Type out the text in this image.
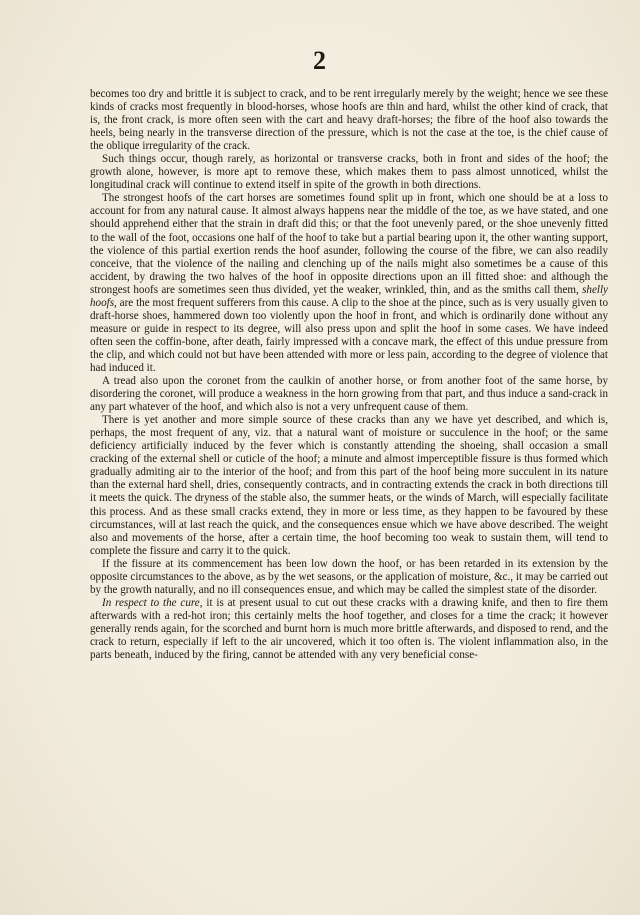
2

becomes too dry and brittle it is subject to crack, and to be rent irregularly merely by the weight; hence we see these kinds of cracks most frequently in blood-horses, whose hoofs are thin and hard, whilst the other kind of crack, that is, the front crack, is more often seen with the cart and heavy draft-horses; the fibre of the hoof also towards the heels, being nearly in the transverse direction of the pressure, which is not the case at the toe, is the chief cause of the oblique irregularity of the crack.

Such things occur, though rarely, as horizontal or transverse cracks, both in front and sides of the hoof; the growth alone, however, is more apt to remove these, which makes them to pass almost unnoticed, whilst the longitudinal crack will continue to extend itself in spite of the growth in both directions.

The strongest hoofs of the cart horses are sometimes found split up in front, which one should be at a loss to account for from any natural cause. It almost always happens near the middle of the toe, as we have stated, and one should apprehend either that the strain in draft did this; or that the foot unevenly pared, or the shoe unevenly fitted to the wall of the foot, occasions one half of the hoof to take but a partial bearing upon it, the other wanting support, the violence of this partial exertion rends the hoof asunder, following the course of the fibre, we can also readily conceive, that the violence of the nailing and clenching up of the nails might also sometimes be a cause of this accident, by drawing the two halves of the hoof in opposite directions upon an ill fitted shoe: and although the strongest hoofs are sometimes seen thus divided, yet the weaker, wrinkled, thin, and as the smiths call them, shelly hoofs, are the most frequent sufferers from this cause. A clip to the shoe at the pince, such as is very usually given to draft-horse shoes, hammered down too violently upon the hoof in front, and which is ordinarily done without any measure or guide in respect to its degree, will also press upon and split the hoof in some cases. We have indeed often seen the coffin-bone, after death, fairly impressed with a concave mark, the effect of this undue pressure from the clip, and which could not but have been attended with more or less pain, according to the degree of violence that had induced it.

A tread also upon the coronet from the caulkin of another horse, or from another foot of the same horse, by disordering the coronet, will produce a weakness in the horn growing from that part, and thus induce a sand-crack in any part whatever of the hoof, and which also is not a very unfrequent cause of them.

There is yet another and more simple source of these cracks than any we have yet described, and which is, perhaps, the most frequent of any, viz. that a natural want of moisture or succulence in the hoof; or the same deficiency artificially induced by the fever which is constantly attending the shoeing, shall occasion a small cracking of the external shell or cuticle of the hoof; a minute and almost imperceptible fissure is thus formed which gradually admiting air to the interior of the hoof; and from this part of the hoof being more succulent in its nature than the external hard shell, dries, consequently contracts, and in contracting extends the crack in both directions till it meets the quick. The dryness of the stable also, the summer heats, or the winds of March, will especially facilitate this process. And as these small cracks extend, they in more or less time, as they happen to be favoured by these circumstances, will at last reach the quick, and the consequences ensue which we have above described. The weight also and movements of the horse, after a certain time, the hoof becoming too weak to sustain them, will tend to complete the fissure and carry it to the quick.

If the fissure at its commencement has been low down the hoof, or has been retarded in its extension by the opposite circumstances to the above, as by the wet seasons, or the application of moisture, &c., it may be carried out by the growth naturally, and no ill consequences ensue, and which may be called the simplest state of the disorder.

In respect to the cure, it is at present usual to cut out these cracks with a drawing knife, and then to fire them afterwards with a red-hot iron; this certainly melts the hoof together, and closes for a time the crack; it however generally rends again, for the scorched and burnt horn is much more brittle afterwards, and disposed to rend, and the crack to return, especially if left to the air uncovered, which it too often is. The violent inflammation also, in the parts beneath, induced by the firing, cannot be attended with any very beneficial conse-
